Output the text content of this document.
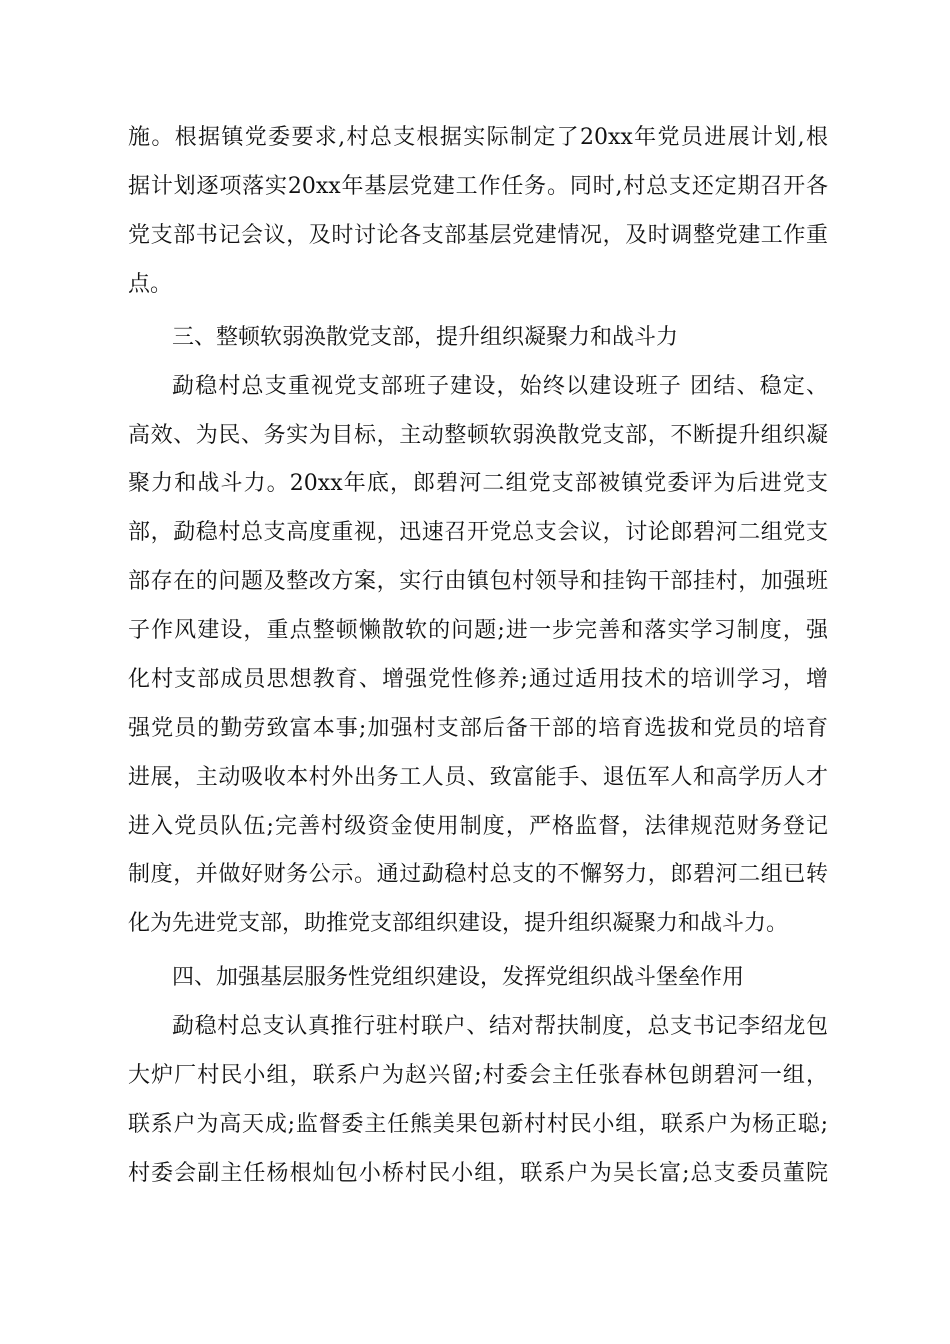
施。根据镇党委要求,村总支根据实际制定了20xx年党员进展计划,根
据计划逐项落实20xx年基层党建工作任务。同时,村总支还定期召开各
党支部书记会议，及时讨论各支部基层党建情况，及时调整党建工作重
点。
三、整顿软弱涣散党支部，提升组织凝聚力和战斗力
勐稳村总支重视党支部班子建设，始终以建设班子 团结、稳定、
高效、为民、务实为目标，主动整顿软弱涣散党支部，不断提升组织凝
聚力和战斗力。20xx年底，郎碧河二组党支部被镇党委评为后进党支
部，勐稳村总支高度重视，迅速召开党总支会议，讨论郎碧河二组党支
部存在的问题及整改方案，实行由镇包村领导和挂钩干部挂村，加强班
子作风建设，重点整顿懒散软的问题;进一步完善和落实学习制度，强
化村支部成员思想教育、增强党性修养;通过适用技术的培训学习，增
强党员的勤劳致富本事;加强村支部后备干部的培育选拔和党员的培育
进展，主动吸收本村外出务工人员、致富能手、退伍军人和高学历人才
进入党员队伍;完善村级资金使用制度，严格监督，法律规范财务登记
制度，并做好财务公示。通过勐稳村总支的不懈努力，郎碧河二组已转
化为先进党支部，助推党支部组织建设，提升组织凝聚力和战斗力。
四、加强基层服务性党组织建设，发挥党组织战斗堡垒作用
勐稳村总支认真推行驻村联户、结对帮扶制度，总支书记李绍龙包
大炉厂村民小组，联系户为赵兴留;村委会主任张春林包朗碧河一组，
联系户为高天成;监督委主任熊美果包新村村民小组，联系户为杨正聪;
村委会副主任杨根灿包小桥村民小组，联系户为吴长富;总支委员董院
